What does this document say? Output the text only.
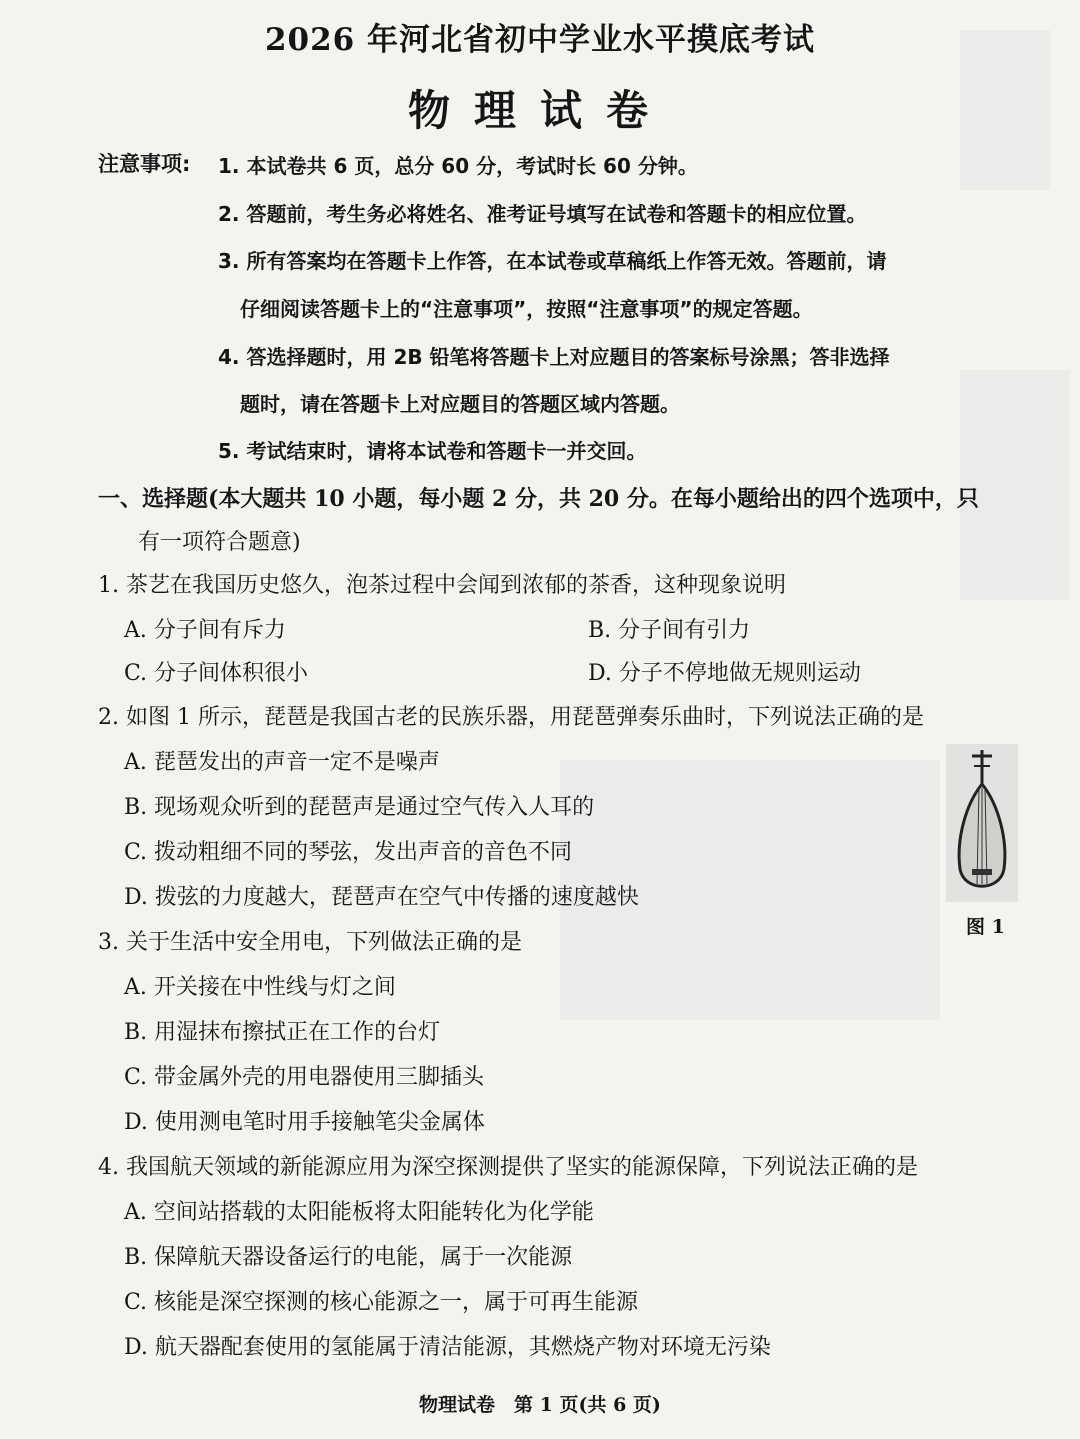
2026 年河北省初中学业水平摸底考试
物理试卷
注意事项: 1. 本试卷共 6 页，总分 60 分，考试时长 60 分钟。
2. 答题前，考生务必将姓名、准考证号填写在试卷和答题卡的相应位置。
3. 所有答案均在答题卡上作答，在本试卷或草稿纸上作答无效。答题前，请
仔细阅读答题卡上的“注意事项”，按照“注意事项”的规定答题。
4. 答选择题时，用 2B 铅笔将答题卡上对应题目的答案标号涂黑；答非选择
题时，请在答题卡上对应题目的答题区域内答题。
5. 考试结束时，请将本试卷和答题卡一并交回。
一、选择题(本大题共 10 小题，每小题 2 分，共 20 分。在每小题给出的四个选项中，只
有一项符合题意)
1. 茶艺在我国历史悠久，泡茶过程中会闻到浓郁的茶香，这种现象说明
A. 分子间有斥力	B. 分子间有引力
C. 分子间体积很小	D. 分子不停地做无规则运动
2. 如图 1 所示，琵琶是我国古老的民族乐器，用琵琶弹奏乐曲时，下列说法正确的是
A. 琵琶发出的声音一定不是噪声
B. 现场观众听到的琵琶声是通过空气传入人耳的
C. 拨动粗细不同的琴弦，发出声音的音色不同
D. 拨弦的力度越大，琵琶声在空气中传播的速度越快
图 1
3. 关于生活中安全用电，下列做法正确的是
A. 开关接在中性线与灯之间
B. 用湿抹布擦拭正在工作的台灯
C. 带金属外壳的用电器使用三脚插头
D. 使用测电笔时用手接触笔尖金属体
4. 我国航天领域的新能源应用为深空探测提供了坚实的能源保障，下列说法正确的是
A. 空间站搭载的太阳能板将太阳能转化为化学能
B. 保障航天器设备运行的电能，属于一次能源
C. 核能是深空探测的核心能源之一，属于可再生能源
D. 航天器配套使用的氢能属于清洁能源，其燃烧产物对环境无污染
物理试卷　第 1 页(共 6 页)
